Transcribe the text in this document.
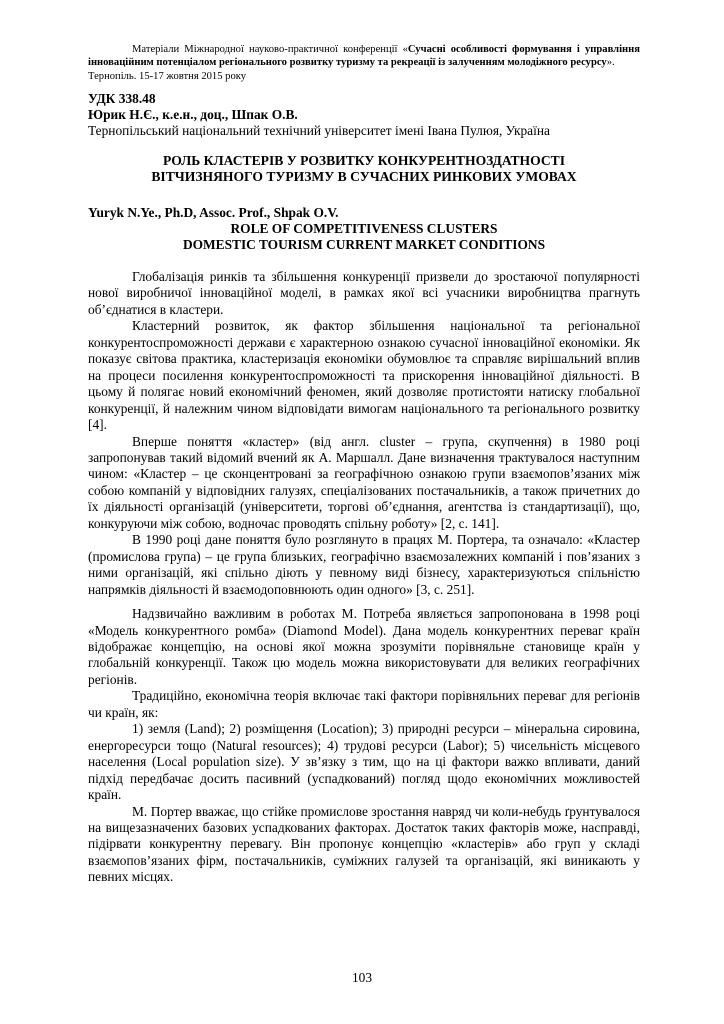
Матеріали Міжнародної науково-практичної конференції «Сучасні особливості формування і управління інноваційним потенціалом регіонального розвитку туризму та рекреації із залученням молодіжного ресурсу».
Тернопіль. 15-17 жовтня 2015 року
УДК 338.48
Юрик Н.Є., к.е.н., доц., Шпак О.В.
Тернопільський національний технічний університет імені Івана Пулюя, Україна
РОЛЬ КЛАСТЕРІВ У РОЗВИТКУ КОНКУРЕНТНОЗДАТНОСТІ
ВІТЧИЗНЯНОГО ТУРИЗМУ В СУЧАСНИХ РИНКОВИХ УМОВАХ
Yuryk N.Ye., Ph.D, Assoc. Prof., Shpak O.V.
ROLE OF COMPETITIVENESS CLUSTERS
DOMESTIC TOURISM CURRENT MARKET CONDITIONS

Глобалізація ринків та збільшення конкуренції призвели до зростаючої популярності нової виробничої інноваційної моделі, в рамках якої всі учасники виробництва прагнуть об’єднатися в кластери.

Кластерний розвиток, як фактор збільшення національної та регіональної конкурентоспроможності держави є характерною ознакою сучасної інноваційної економіки. Як показує світова практика, кластеризація економіки обумовлює та справляє вирішальний вплив на процеси посилення конкурентоспроможності та прискорення інноваційної діяльності. В цьому й полягає новий економічний феномен, який дозволяє протистояти натиску глобальної конкуренції, й належним чином відповідати вимогам національного та регіонального розвитку [4].

Вперше поняття «кластер» (від англ. cluster – група, скупчення) в 1980 році запропонував такий відомий вчений як А. Маршалл. Дане визначення трактувалося наступним чином: «Кластер – це сконцентровані за географічною ознакою групи взаємопов’язаних між собою компаній у відповідних галузях, спеціалізованих постачальників, а також причетних до їх діяльності організацій (університети, торгові об’єднання, агентства із стандартизації), що, конкуруючи між собою, водночас проводять спільну роботу» [2, с. 141].

В 1990 році дане поняття було розглянуто в працях М. Портера, та означало: «Кластер (промислова група) – це група близьких, географічно взаємозалежних компаній і пов’язаних з ними організацій, які спільно діють у певному виді бізнесу, характеризуються спільністю напрямків діяльності й взаємодоповнюють один одного» [3, с. 251].

Надзвичайно важливим в роботах М. Потреба являється запропонована в 1998 році «Модель конкурентного ромба» (Diamond Model). Дана модель конкурентних переваг країн відображає концепцію, на основі якої можна зрозуміти порівняльне становище країн у глобальній конкуренції. Також цю модель можна використовувати для великих географічних регіонів.

Традиційно, економічна теорія включає такі фактори порівняльних переваг для регіонів чи країн, як:

1) земля (Land); 2) розміщення (Location); 3) природні ресурси – мінеральна сировина, енергоресурси тощо (Natural resources); 4) трудові ресурси (Labor); 5) чисельність місцевого населення (Local population size). У зв’язку з тим, що на ці фактори важко впливати, даний підхід передбачає досить пасивний (успадкований) погляд щодо економічних можливостей країн.

М. Портер вважає, що стійке промислове зростання навряд чи коли-небудь ґрунтувалося на вищезазначених базових успадкованих факторах. Достаток таких факторів може, насправді, підірвати конкурентну перевагу. Він пропонує концепцію «кластерів» або груп у складі взаємопов’язаних фірм, постачальників, суміжних галузей та організацій, які виникають у певних місцях.

103
